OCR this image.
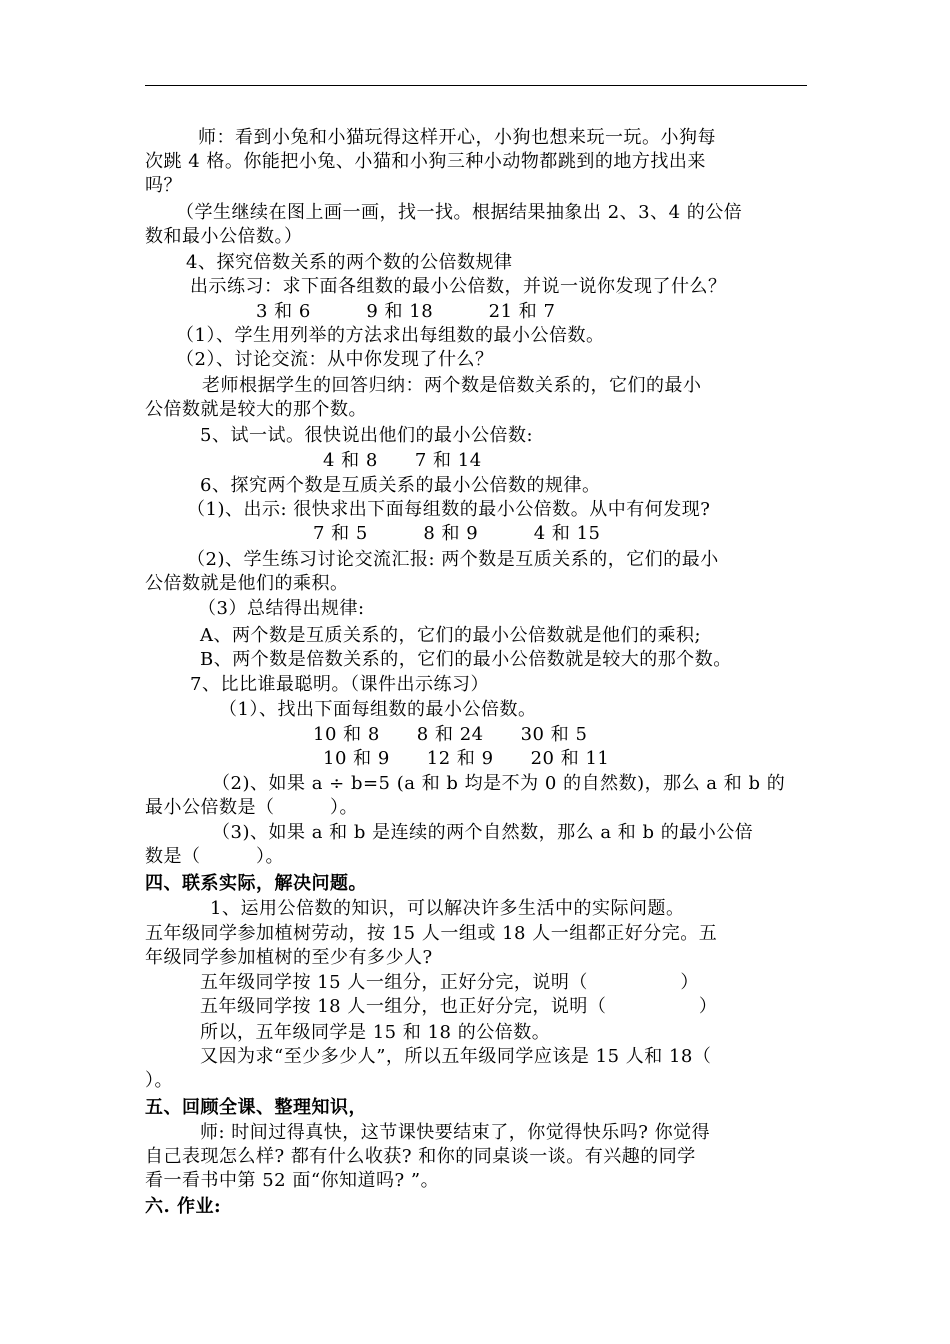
师：看到小兔和小猫玩得这样开心，小狗也想来玩一玩。小狗每
次跳 4 格。你能把小兔、小猫和小狗三种小动物都跳到的地方找出来
吗？
（学生继续在图上画一画，找一找。根据结果抽象出 2、3、4 的公倍
数和最小公倍数。）
4、探究倍数关系的两个数的公倍数规律
出示练习：求下面各组数的最小公倍数，并说一说你发现了什么？
3 和 6　　　9 和 18　　　21 和 7
（1）、学生用列举的方法求出每组数的最小公倍数。
（2）、讨论交流：从中你发现了什么？
老师根据学生的回答归纳：两个数是倍数关系的，它们的最小
公倍数就是较大的那个数。
5、试一试。很快说出他们的最小公倍数:
4 和 8　　7 和 14
6、探究两个数是互质关系的最小公倍数的规律。
（1)、出示: 很快求出下面每组数的最小公倍数。从中有何发现?
7 和 5　　　8 和 9　　　4 和 15
（2)、学生练习讨论交流汇报: 两个数是互质关系的，它们的最小
公倍数就是他们的乘积。
（3）总结得出规律:
A、两个数是互质关系的，它们的最小公倍数就是他们的乘积;
B、两个数是倍数关系的，它们的最小公倍数就是较大的那个数。
7、比比谁最聪明。（课件出示练习）
（1）、找出下面每组数的最小公倍数。
10 和 8　　8 和 24　　30 和 5
10 和 9　　12 和 9　　20 和 11
（2)、如果 a ÷ b=5 (a 和 b 均是不为 0 的自然数)，那么 a 和 b 的
最小公倍数是（　　　）。
（3)、如果 a 和 b 是连续的两个自然数，那么 a 和 b 的最小公倍
数是（　　　）。
四、联系实际，解决问题。
1、运用公倍数的知识，可以解决许多生活中的实际问题。
五年级同学参加植树劳动，按 15 人一组或 18 人一组都正好分完。五
年级同学参加植树的至少有多少人?
五年级同学按 15 人一组分，正好分完，说明（　　　　　）
五年级同学按 18 人一组分，也正好分完，说明（　　　　　）
所以，五年级同学是 15 和 18 的公倍数。
又因为求“至少多少人”，所以五年级同学应该是 15 人和 18（
）。
五、回顾全课、整理知识，
师: 时间过得真快，这节课快要结束了，你觉得快乐吗? 你觉得
自己表现怎么样? 都有什么收获? 和你的同桌谈一谈。有兴趣的同学
看一看书中第 52 面“你知道吗? ”。
六. 作业:
